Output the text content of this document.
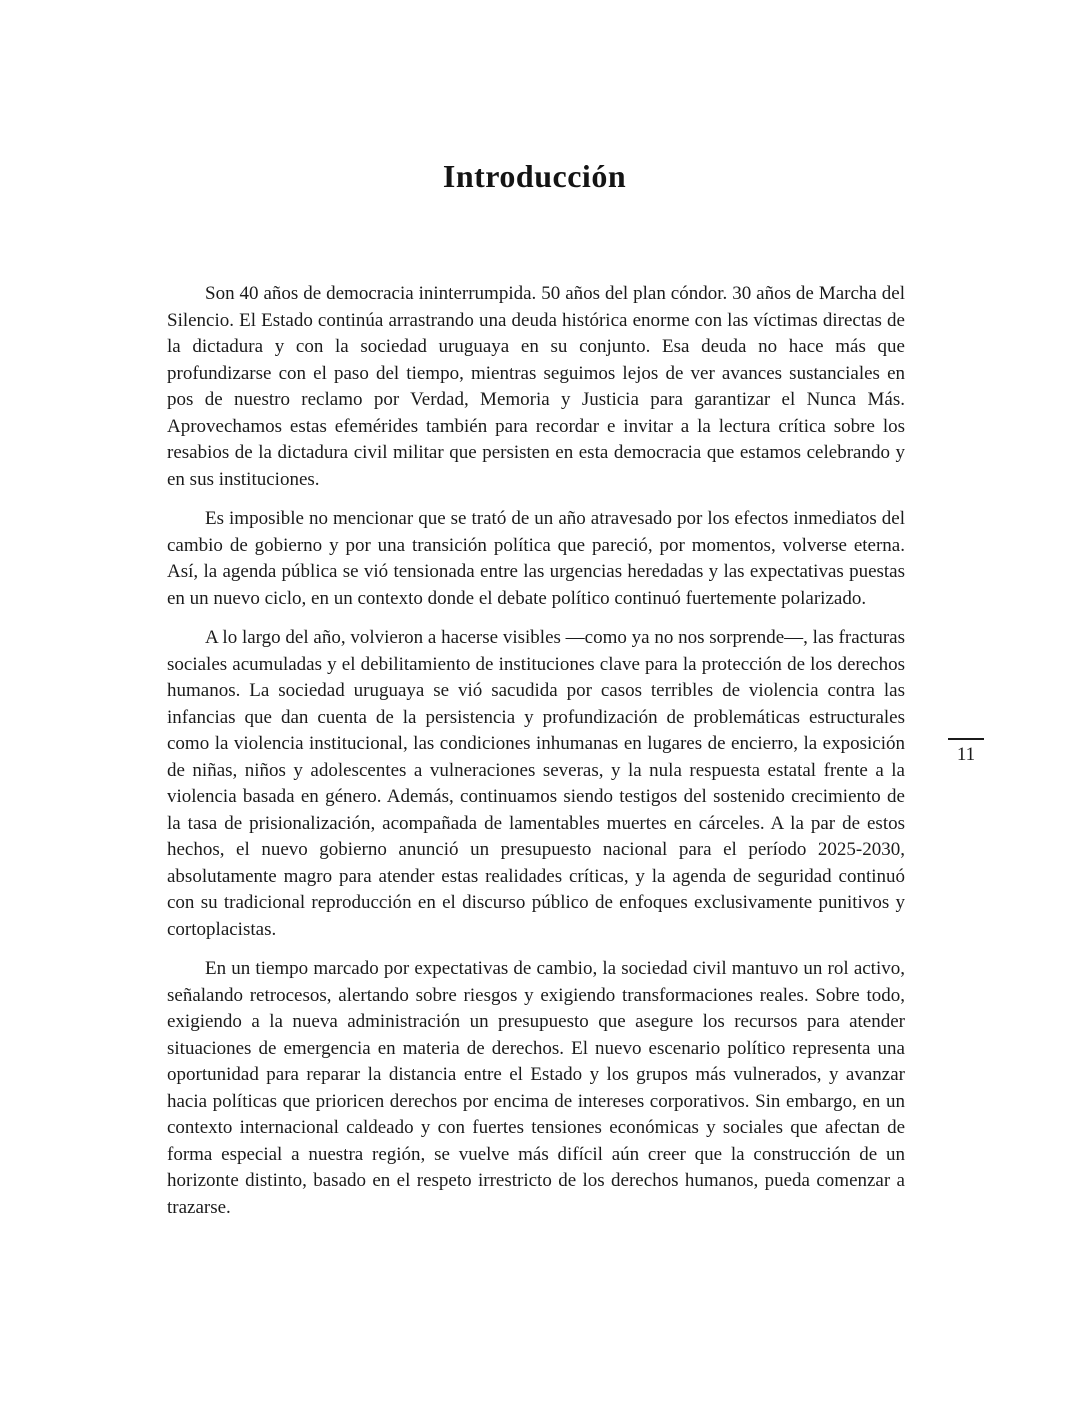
Introducción

Son 40 años de democracia ininterrumpida. 50 años del plan cóndor. 30 años de Marcha del Silencio. El Estado continúa arrastrando una deuda histórica enorme con las víctimas directas de la dictadura y con la sociedad uruguaya en su conjunto. Esa deuda no hace más que profundizarse con el paso del tiempo, mientras seguimos lejos de ver avances sustanciales en pos de nuestro reclamo por Verdad, Memoria y Justicia para garantizar el Nunca Más. Aprovechamos estas efemérides también para recordar e invitar a la lectura crítica sobre los resabios de la dictadura civil militar que persisten en esta democracia que estamos celebrando y en sus instituciones.

Es imposible no mencionar que se trató de un año atravesado por los efectos inmediatos del cambio de gobierno y por una transición política que pareció, por momentos, volverse eterna. Así, la agenda pública se vió tensionada entre las urgencias heredadas y las expectativas puestas en un nuevo ciclo, en un contexto donde el debate político continuó fuertemente polarizado.

A lo largo del año, volvieron a hacerse visibles —como ya no nos sorprende—, las fracturas sociales acumuladas y el debilitamiento de instituciones clave para la protección de los derechos humanos. La sociedad uruguaya se vió sacudida por casos terribles de violencia contra las infancias que dan cuenta de la persistencia y profundización de problemáticas estructurales como la violencia institucional, las condiciones inhumanas en lugares de encierro, la exposición de niñas, niños y adolescentes a vulneraciones severas, y la nula respuesta estatal frente a la violencia basada en género. Además, continuamos siendo testigos del sostenido crecimiento de la tasa de prisionalización, acompañada de lamentables muertes en cárceles. A la par de estos hechos, el nuevo gobierno anunció un presupuesto nacional para el período 2025-2030, absolutamente magro para atender estas realidades críticas, y la agenda de seguridad continuó con su tradicional reproducción en el discurso público de enfoques exclusivamente punitivos y cortoplacistas.

En un tiempo marcado por expectativas de cambio, la sociedad civil mantuvo un rol activo, señalando retrocesos, alertando sobre riesgos y exigiendo transformaciones reales. Sobre todo, exigiendo a la nueva administración un presupuesto que asegure los recursos para atender situaciones de emergencia en materia de derechos. El nuevo escenario político representa una oportunidad para reparar la distancia entre el Estado y los grupos más vulnerados, y avanzar hacia políticas que prioricen derechos por encima de intereses corporativos. Sin embargo, en un contexto internacional caldeado y con fuertes tensiones económicas y sociales que afectan de forma especial a nuestra región, se vuelve más difícil aún creer que la construcción de un horizonte distinto, basado en el respeto irrestricto de los derechos humanos, pueda comenzar a trazarse.

11
